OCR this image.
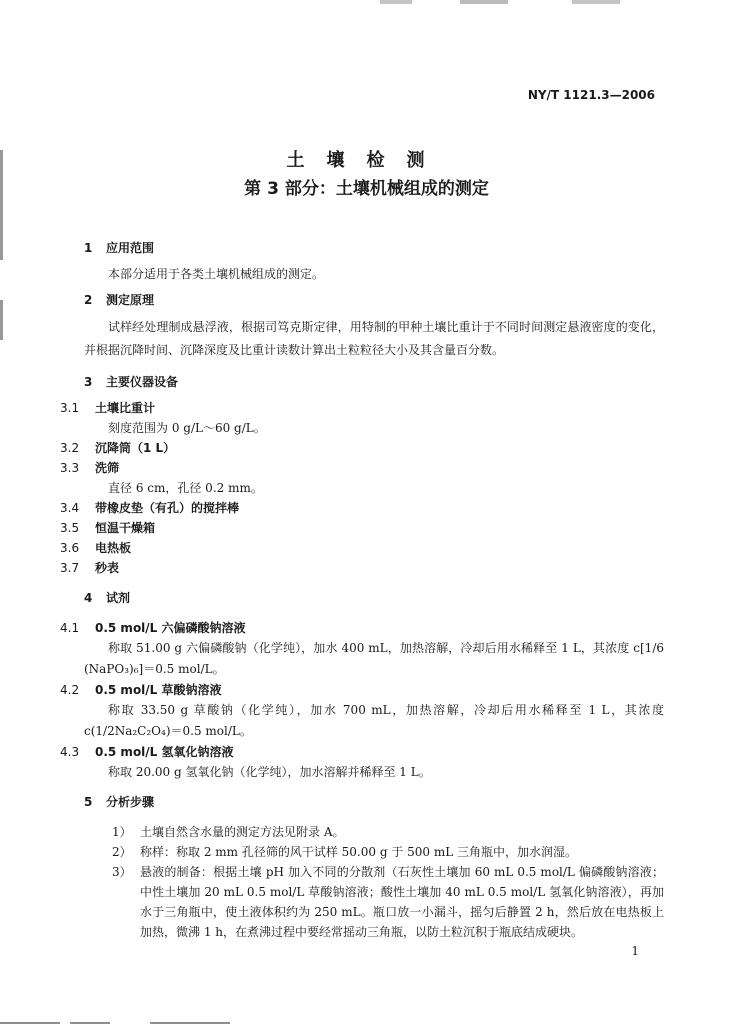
NY/T 1121.3—2006

土壤检测

第 3 部分：土壤机械组成的测定

1 应用范围

本部分适用于各类土壤机械组成的测定。

2 测定原理

试样经处理制成悬浮液，根据司笃克斯定律，用特制的甲种土壤比重计于不同时间测定悬液密度的变化，并根据沉降时间、沉降深度及比重计读数计算出土粒粒径大小及其含量百分数。

3 主要仪器设备

3.1 土壤比重计

刻度范围为 0 g/L～60 g/L。

3.2 沉降筒（1 L）

3.3 洗筛

直径 6 cm，孔径 0.2 mm。

3.4 带橡皮垫（有孔）的搅拌棒

3.5 恒温干燥箱

3.6 电热板

3.7 秒表

4 试剂

4.1 0.5 mol/L 六偏磷酸钠溶液

称取 51.00 g 六偏磷酸钠（化学纯），加水 400 mL，加热溶解，冷却后用水稀释至 1 L，其浓度 c[1/6 (NaPO₃)₆]＝0.5 mol/L。

4.2 0.5 mol/L 草酸钠溶液

称取 33.50 g 草酸钠（化学纯），加水 700 mL，加热溶解，冷却后用水稀释至 1 L，其浓度 c(1/2Na₂C₂O₄)＝0.5 mol/L。

4.3 0.5 mol/L 氢氧化钠溶液

称取 20.00 g 氢氧化钠（化学纯），加水溶解并稀释至 1 L。

5 分析步骤

1） 土壤自然含水量的测定方法见附录 A。
2） 称样：称取 2 mm 孔径筛的风干试样 50.00 g 于 500 mL 三角瓶中，加水润湿。
3） 悬液的制备：根据土壤 pH 加入不同的分散剂（石灰性土壤加 60 mL 0.5 mol/L 偏磷酸钠溶液；中性土壤加 20 mL 0.5 mol/L 草酸钠溶液；酸性土壤加 40 mL 0.5 mol/L 氢氧化钠溶液），再加水于三角瓶中，使土液体积约为 250 mL。瓶口放一小漏斗，摇匀后静置 2 h，然后放在电热板上加热，微沸 1 h，在煮沸过程中要经常摇动三角瓶，以防土粒沉积于瓶底结成硬块。
1
